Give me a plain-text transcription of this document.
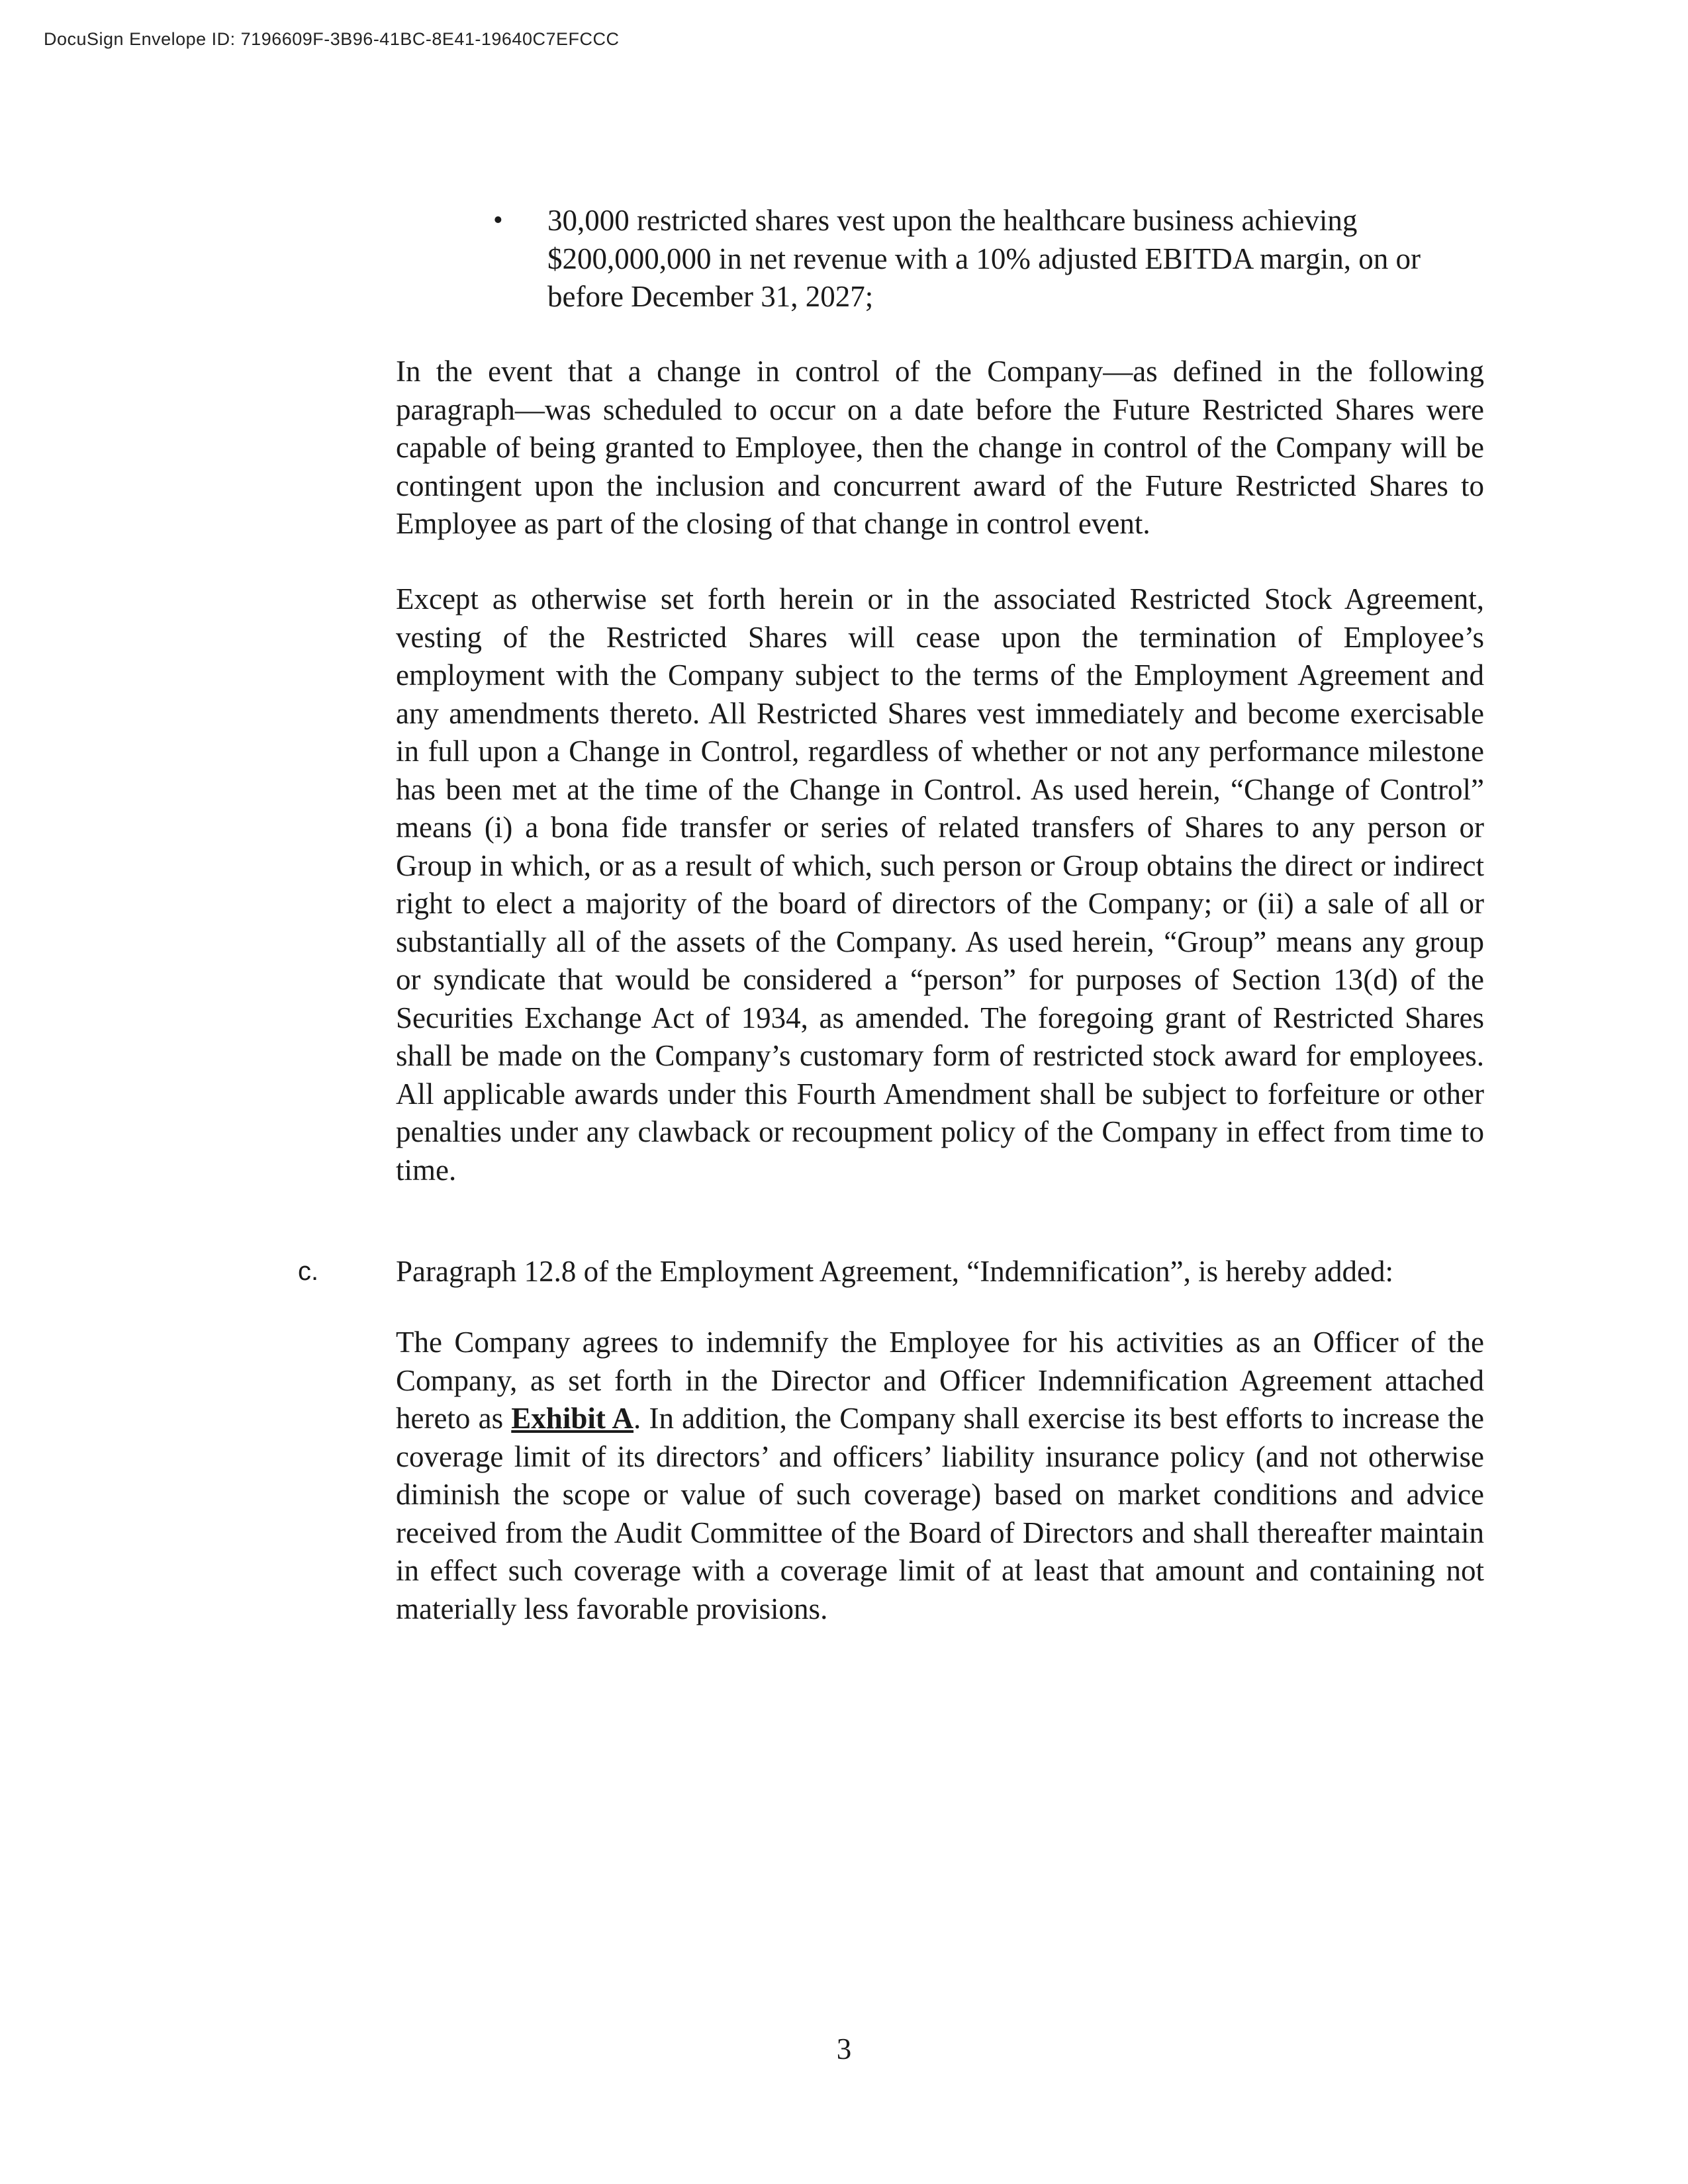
DocuSign Envelope ID: 7196609F-3B96-41BC-8E41-19640C7EFCCC
•	30,000 restricted shares vest upon the healthcare business achieving $200,000,000 in net revenue with a 10% adjusted EBITDA margin, on or before December 31, 2027;
In the event that a change in control of the Company—as defined in the following paragraph—was scheduled to occur on a date before the Future Restricted Shares were capable of being granted to Employee, then the change in control of the Company will be contingent upon the inclusion and concurrent award of the Future Restricted Shares to Employee as part of the closing of that change in control event.
Except as otherwise set forth herein or in the associated Restricted Stock Agreement, vesting of the Restricted Shares will cease upon the termination of Employee’s employment with the Company subject to the terms of the Employment Agreement and any amendments thereto. All Restricted Shares vest immediately and become exercisable in full upon a Change in Control, regardless of whether or not any performance milestone has been met at the time of the Change in Control. As used herein, “Change of Control” means (i) a bona fide transfer or series of related transfers of Shares to any person or Group in which, or as a result of which, such person or Group obtains the direct or indirect right to elect a majority of the board of directors of the Company; or (ii) a sale of all or substantially all of the assets of the Company. As used herein, “Group” means any group or syndicate that would be considered a “person” for purposes of Section 13(d) of the Securities Exchange Act of 1934, as amended. The foregoing grant of Restricted Shares shall be made on the Company’s customary form of restricted stock award for employees. All applicable awards under this Fourth Amendment shall be subject to forfeiture or other penalties under any clawback or recoupment policy of the Company in effect from time to time.
c.	Paragraph 12.8 of the Employment Agreement, “Indemnification”, is hereby added:
The Company agrees to indemnify the Employee for his activities as an Officer of the Company, as set forth in the Director and Officer Indemnification Agreement attached hereto as Exhibit A. In addition, the Company shall exercise its best efforts to increase the coverage limit of its directors’ and officers’ liability insurance policy (and not otherwise diminish the scope or value of such coverage) based on market conditions and advice received from the Audit Committee of the Board of Directors and shall thereafter maintain in effect such coverage with a coverage limit of at least that amount and containing not materially less favorable provisions.
3
